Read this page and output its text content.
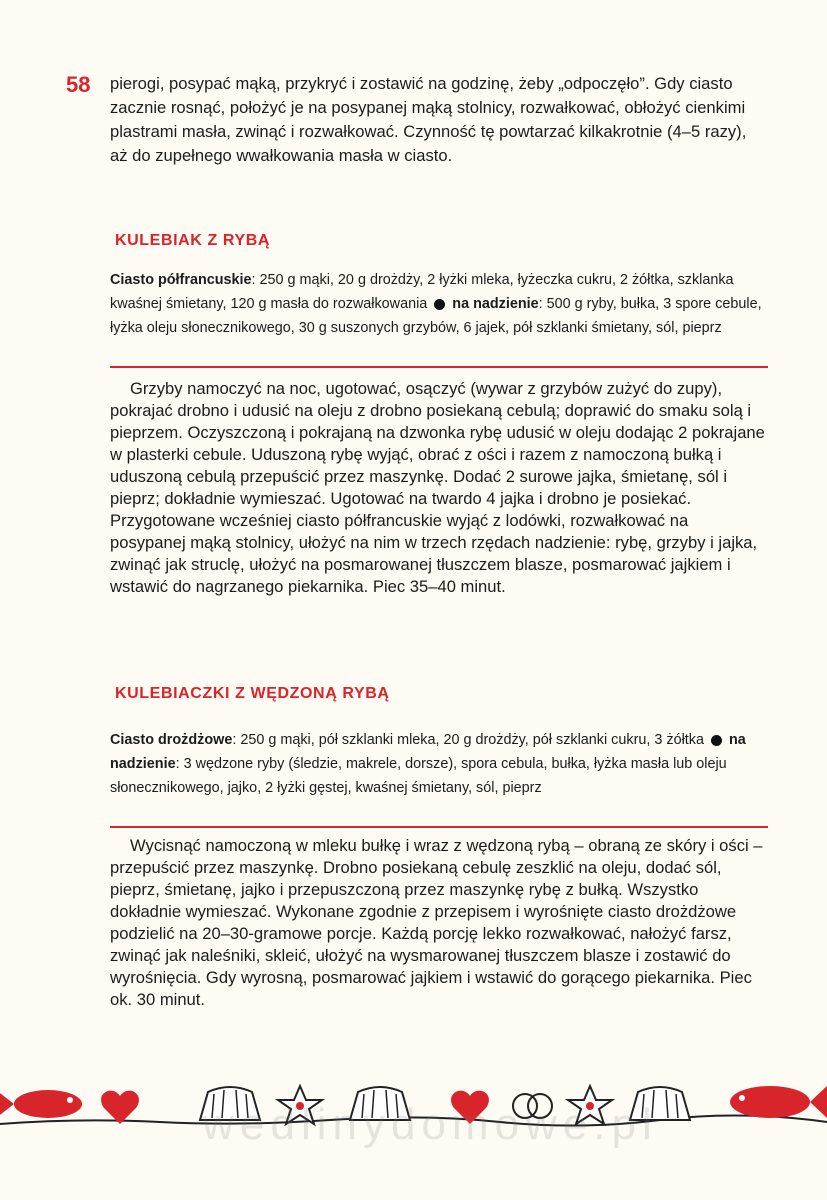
58 pierogi, posypać mąką, przykryć i zostawić na godzinę, żeby „odpoczęło”. Gdy ciasto zacznie rosnąć, położyć je na posypanej mąką stolnicy, rozwałkować, obłożyć cienkimi plastrami masła, zwinąć i rozwałkować. Czynność tę powtarzać kilkakrotnie (4–5 razy), aż do zupełnego wwałkowania masła w ciasto.

KULEBIAK Z RYBĄ

Ciasto półfrancuskie: 250 g mąki, 20 g drożdży, 2 łyżki mleka, łyżeczka cukru, 2 żółtka, szklanka kwaśnej śmietany, 120 g masła do rozwałkowania na nadzienie: 500 g ryby, bułka, 3 spore cebule, łyżka oleju słonecznikowego, 30 g suszonych grzybów, 6 jajek, pół szklanki śmietany, sól, pieprz

Grzyby namoczyć na noc, ugotować, osączyć (wywar z grzybów zużyć do zupy), pokrajać drobno i udusić na oleju z drobno posiekaną cebulą; doprawić do smaku solą i pieprzem. Oczyszczoną i pokrajaną na dzwonka rybę udusić w oleju dodając 2 pokrajane w plasterki cebule. Uduszoną rybę wyjąć, obrać z ości i razem z namoczoną bułką i uduszoną cebulą przepuścić przez maszynkę. Dodać 2 surowe jajka, śmietanę, sól i pieprz; dokładnie wymieszać. Ugotować na twardo 4 jajka i drobno je posiekać. Przygotowane wcześniej ciasto półfrancuskie wyjąć z lodówki, rozwałkować na posypanej mąką stolnicy, ułożyć na nim w trzech rzędach nadzienie: rybę, grzyby i jajka, zwinąć jak struclę, ułożyć na posmarowanej tłuszczem blasze, posmarować jajkiem i wstawić do nagrzanego piekarnika. Piec 35–40 minut.

KULEBIACZKI Z WĘDZONĄ RYBĄ

Ciasto drożdżowe: 250 g mąki, pół szklanki mleka, 20 g drożdży, pół szklanki cukru, 3 żółtka na nadzienie: 3 wędzone ryby (śledzie, makrele, dorsze), spora cebula, bułka, łyżka masła lub oleju słonecznikowego, jajko, 2 łyżki gęstej, kwaśnej śmietany, sól, pieprz

Wycisnąć namoczoną w mleku bułkę i wraz z wędzoną rybą – obraną ze skóry i ości – przepuścić przez maszynkę. Drobno posiekaną cebulę zeszklić na oleju, dodać sól, pieprz, śmietanę, jajko i przepuszczoną przez maszynkę rybę z bułką. Wszystko dokładnie wymieszać. Wykonane zgodnie z przepisem i wyrośnięte ciasto drożdżowe podzielić na 20–30-gramowe porcje. Każdą porcję lekko rozwałkować, nałożyć farsz, zwinąć jak naleśniki, skleić, ułożyć na wysmarowanej tłuszczem blasze i zostawić do wyrośnięcia. Gdy wyrosną, posmarować jajkiem i wstawić do gorącego piekarnika. Piec ok. 30 minut.

wedlinydomowe.pl
